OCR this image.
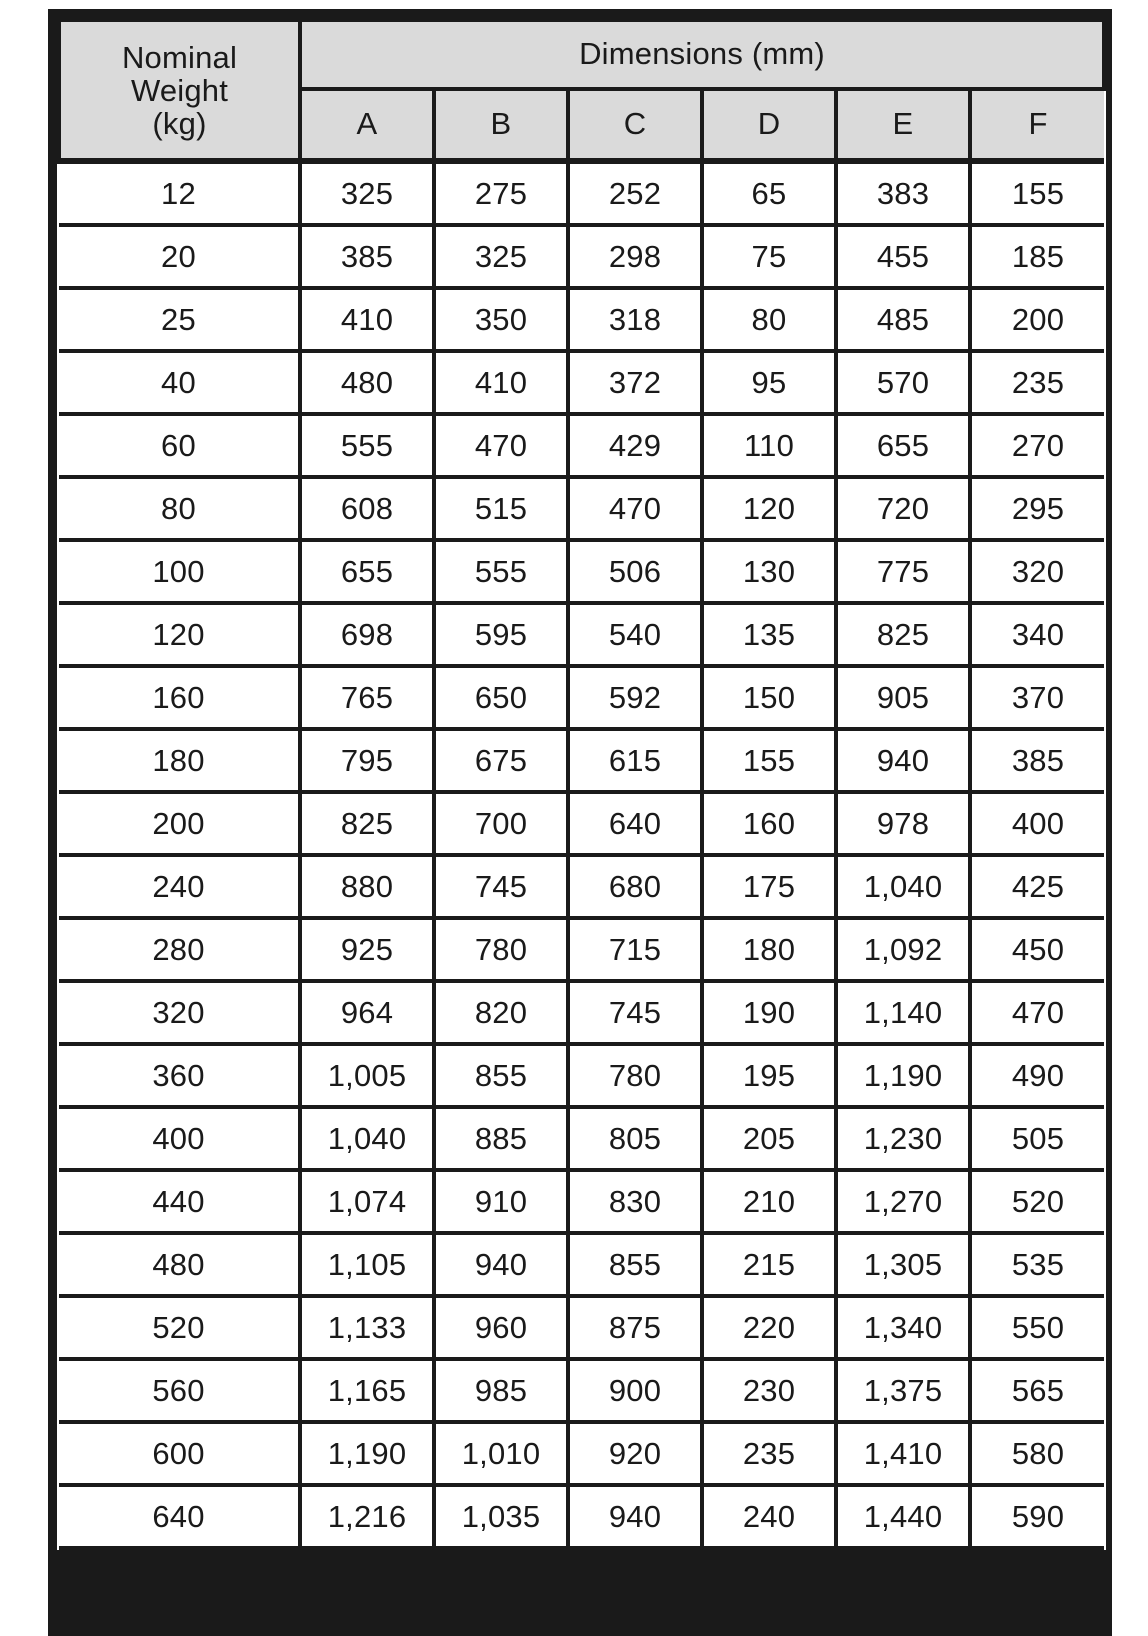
Nominal
Weight
(kg)	Dimensions (mm)					
	A	B	C	D	E	F
12	325	275	252	65	383	155
20	385	325	298	75	455	185
25	410	350	318	80	485	200
40	480	410	372	95	570	235
60	555	470	429	110	655	270
80	608	515	470	120	720	295
100	655	555	506	130	775	320
120	698	595	540	135	825	340
160	765	650	592	150	905	370
180	795	675	615	155	940	385
200	825	700	640	160	978	400
240	880	745	680	175	1,040	425
280	925	780	715	180	1,092	450
320	964	820	745	190	1,140	470
360	1,005	855	780	195	1,190	490
400	1,040	885	805	205	1,230	505
440	1,074	910	830	210	1,270	520
480	1,105	940	855	215	1,305	535
520	1,133	960	875	220	1,340	550
560	1,165	985	900	230	1,375	565
600	1,190	1,010	920	235	1,410	580
640	1,216	1,035	940	240	1,440	590
